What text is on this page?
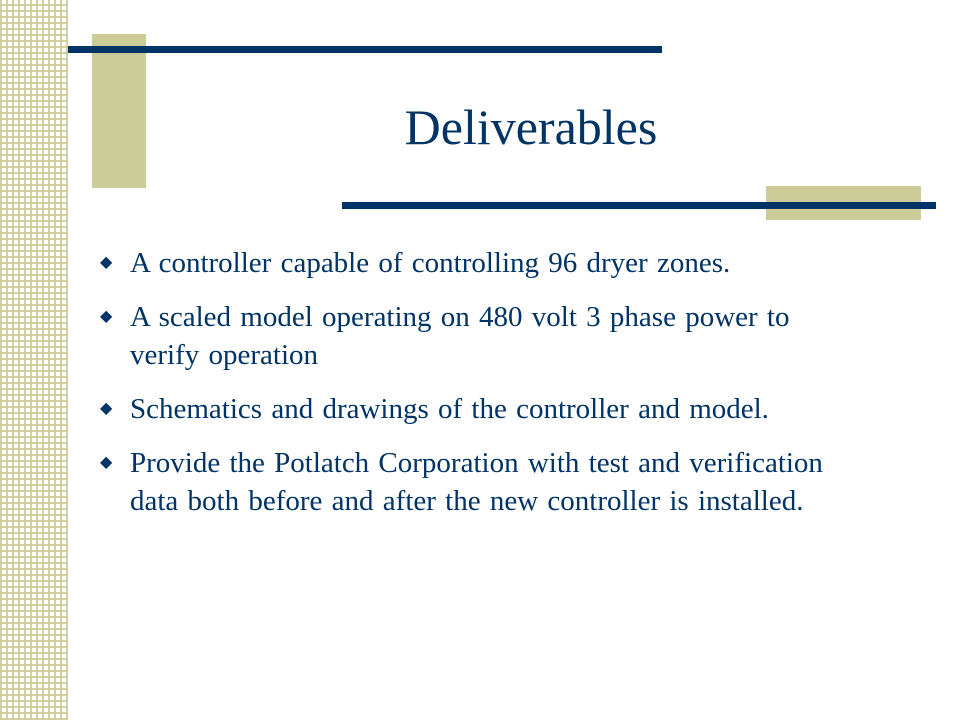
Deliverables
◆ A controller capable of controlling 96 dryer zones.
◆ A scaled model operating on 480 volt 3 phase power to verify operation
◆ Schematics and drawings of the controller and model.
◆ Provide the Potlatch Corporation with test and verification data both before and after the new controller is installed.
